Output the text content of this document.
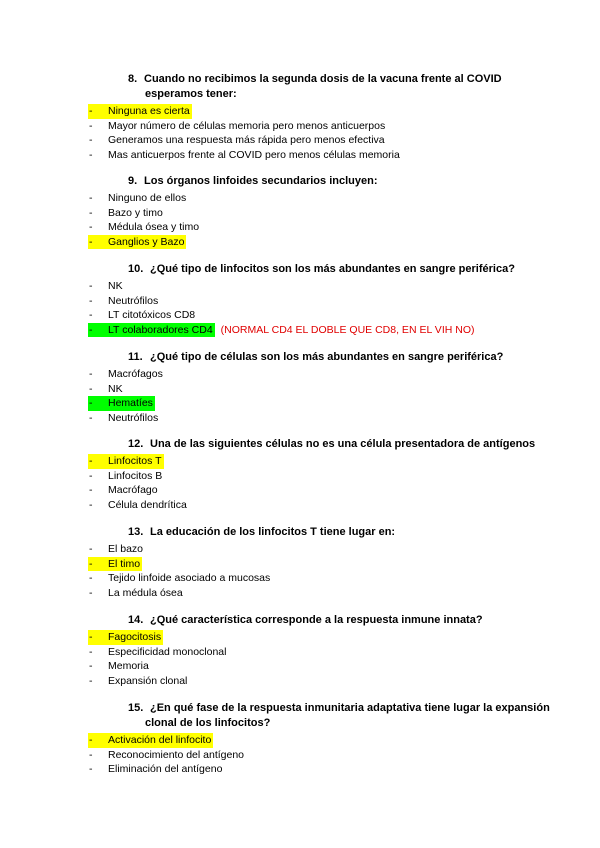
8. Cuando no recibimos la segunda dosis de la vacuna frente al COVID
esperamos tener:
- Ninguna es cierta
- Mayor número de células memoria pero menos anticuerpos
- Generamos una respuesta más rápida pero menos efectiva
- Mas anticuerpos frente al COVID pero menos células memoria
9. Los órganos linfoides secundarios incluyen:
- Ninguno de ellos
- Bazo y timo
- Médula ósea y timo
- Ganglios y Bazo
10. ¿Qué tipo de linfocitos son los más abundantes en sangre periférica?
- NK
- Neutrófilos
- LT citotóxicos CD8
- LT colaboradores CD4 (NORMAL CD4 EL DOBLE QUE CD8, EN EL VIH NO)
11. ¿Qué tipo de células son los más abundantes en sangre periférica?
- Macrófagos
- NK
- Hematíes
- Neutrófilos
12. Una de las siguientes células no es una célula presentadora de antígenos
- Linfocitos T
- Linfocitos B
- Macrófago
- Célula dendrítica
13. La educación de los linfocitos T tiene lugar en:
- El bazo
- El timo
- Tejido linfoide asociado a mucosas
- La médula ósea
14. ¿Qué característica corresponde a la respuesta inmune innata?
- Fagocitosis
- Especificidad monoclonal
- Memoria
- Expansión clonal
15. ¿En qué fase de la respuesta inmunitaria adaptativa tiene lugar la expansión
clonal de los linfocitos?
- Activación del linfocito
- Reconocimiento del antígeno
- Eliminación del antígeno
